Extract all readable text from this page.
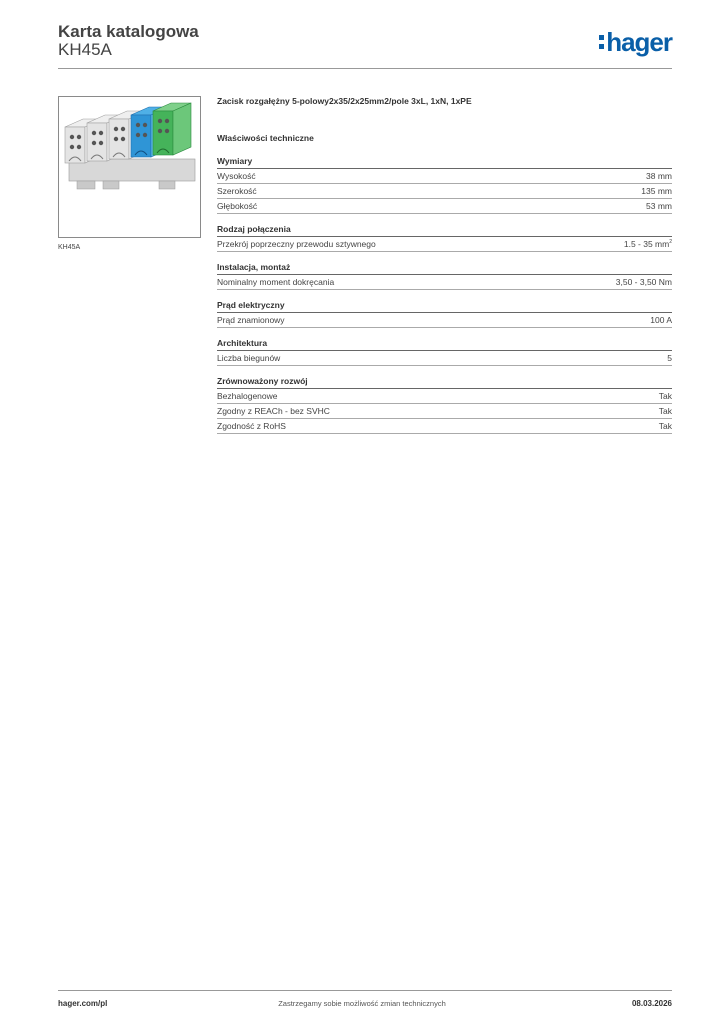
Karta katalogowa
KH45A	hager
KH45A
Zacisk rozgałężny 5-polowy2x35/2x25mm2/pole 3xL, 1xN, 1xPE
Właściwości techniczne
Wymiary
Wysokość	38 mm
Szerokość	135 mm
Głębokość	53 mm
Rodzaj połączenia
Przekrój poprzeczny przewodu sztywnego	1.5 - 35 $mm^2$
Instalacja, montaż
Nominalny moment dokręcania	3,50 - 3,50 Nm
Prąd elektryczny
Prąd znamionowy	100 A
Architektura
Liczba biegunów	5
Zrównoważony rozwój
Bezhalogenowe	Tak
Zgodny z REACh - bez SVHC	Tak
Zgodność z RoHS	Tak
hager.com/pl	Zastrzegamy sobie możliwość zmian technicznych	08.03.2026
